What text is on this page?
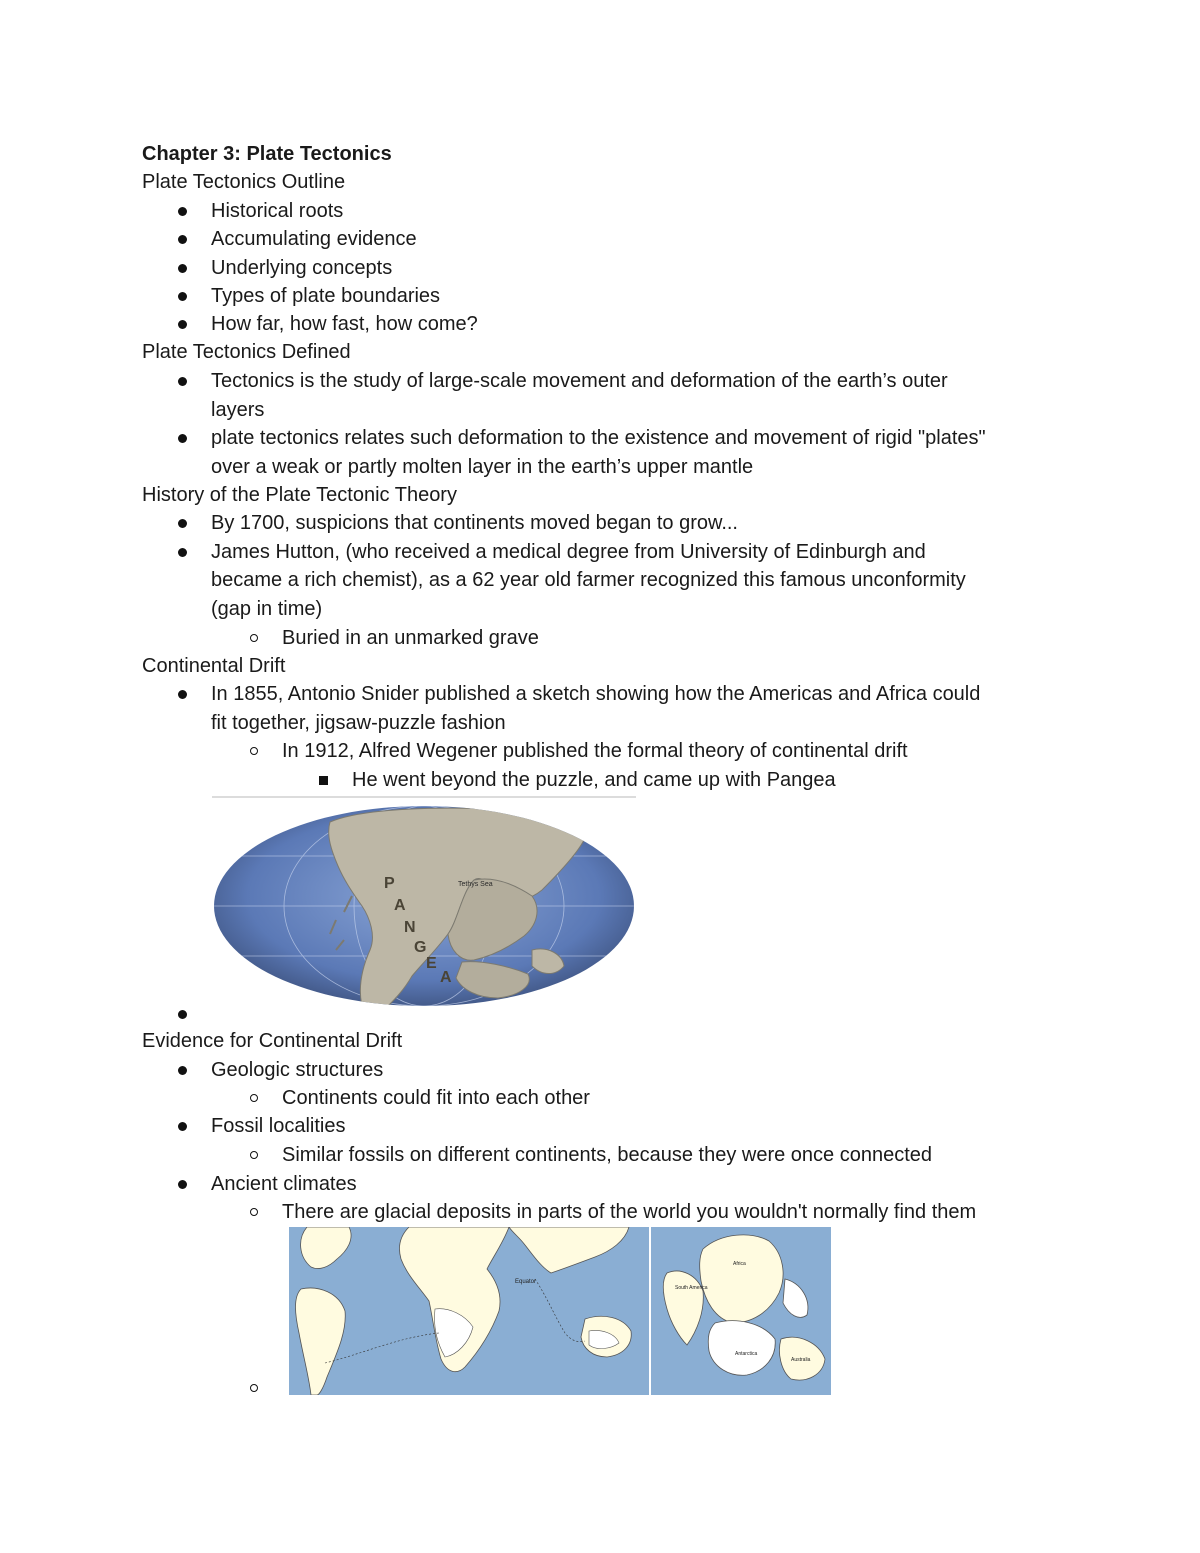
Chapter 3: Plate Tectonics
Plate Tectonics Outline
Historical roots
Accumulating evidence
Underlying concepts
Types of plate boundaries
How far, how fast, how come?
Plate Tectonics Defined
Tectonics is the study of large-scale movement and deformation of the earth’s outer
layers
plate tectonics relates such deformation to the existence and movement of rigid "plates"
over a weak or partly molten layer in the earth’s upper mantle
History of the Plate Tectonic Theory
By 1700, suspicions that continents moved began to grow...
James Hutton, (who received a medical degree from University of Edinburgh and
became a rich chemist), as a 62 year old farmer recognized this famous unconformity
(gap in time)
Buried in an unmarked grave
Continental Drift
In 1855, Antonio Snider published a sketch showing how the Americas and Africa could
fit together, jigsaw-puzzle fashion
In 1912, Alfred Wegener published the formal theory of continental drift
He went beyond the puzzle, and came up with Pangea
P
A
N
G
E
A
Tethys Sea
Evidence for Continental Drift
Geologic structures
Continents could fit into each other
Fossil localities
Similar fossils on different continents, because they were once connected
Ancient climates
There are glacial deposits in parts of the world you wouldn't normally find them
Equator
Africa
South America
Antarctica
Australia
